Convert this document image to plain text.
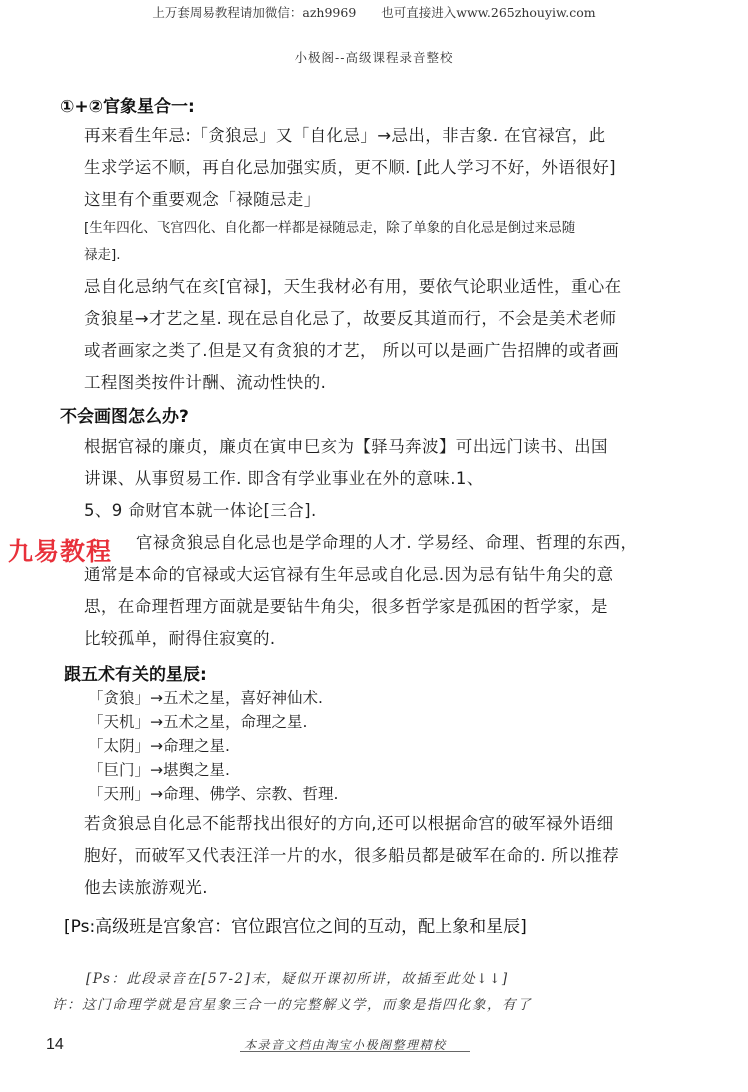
上万套周易教程请加微信：azh9969　　也可直接进入www.265zhouyiw.com
小极阁--高级课程录音整校
①+②官象星合一:
再来看生年忌:「贪狼忌」又「自化忌」→忌出，非吉象. 在官禄宫，此
生求学运不顺，再自化忌加强实质，更不顺. [此人学习不好，外语很好]
这里有个重要观念「禄随忌走」
[生年四化、飞宫四化、自化都一样都是禄随忌走，除了单象的自化忌是倒过来忌随
禄走].
忌自化忌纳气在亥[官禄]，天生我材必有用，要依气论职业适性，重心在
贪狼星→才艺之星. 现在忌自化忌了，故要反其道而行，不会是美术老师
或者画家之类了.但是又有贪狼的才艺， 所以可以是画广告招牌的或者画
工程图类按件计酬、流动性快的.
不会画图怎么办?
根据官禄的廉贞，廉贞在寅申巳亥为【驿马奔波】可出远门读书、出国
讲课、从事贸易工作. 即含有学业事业在外的意味.1、
5、9 命财官本就一体论[三合].
官禄贪狼忌自化忌也是学命理的人才. 学易经、命理、哲理的东西，
九易教程
通常是本命的官禄或大运官禄有生年忌或自化忌.因为忌有钻牛角尖的意
思，在命理哲理方面就是要钻牛角尖，很多哲学家是孤困的哲学家，是
比较孤单，耐得住寂寞的.
跟五术有关的星辰:
「贪狼」→五术之星，喜好神仙术.
「天机」→五术之星，命理之星.
「太阴」→命理之星.
「巨门」→堪舆之星.
「天刑」→命理、佛学、宗教、哲理.
若贪狼忌自化忌不能帮找出很好的方向,还可以根据命宫的破军禄外语细
胞好，而破军又代表汪洋一片的水，很多船员都是破军在命的. 所以推荐
他去读旅游观光.
[Ps:高级班是宫象宫：官位跟宫位之间的互动，配上象和星辰]
[Ps：此段录音在[57-2]末，疑似开课初所讲，故插至此处↓↓]
许：这门命理学就是宫星象三合一的完整解义学，而象是指四化象，有了
14	本录音文档由淘宝小极阁整理精校
